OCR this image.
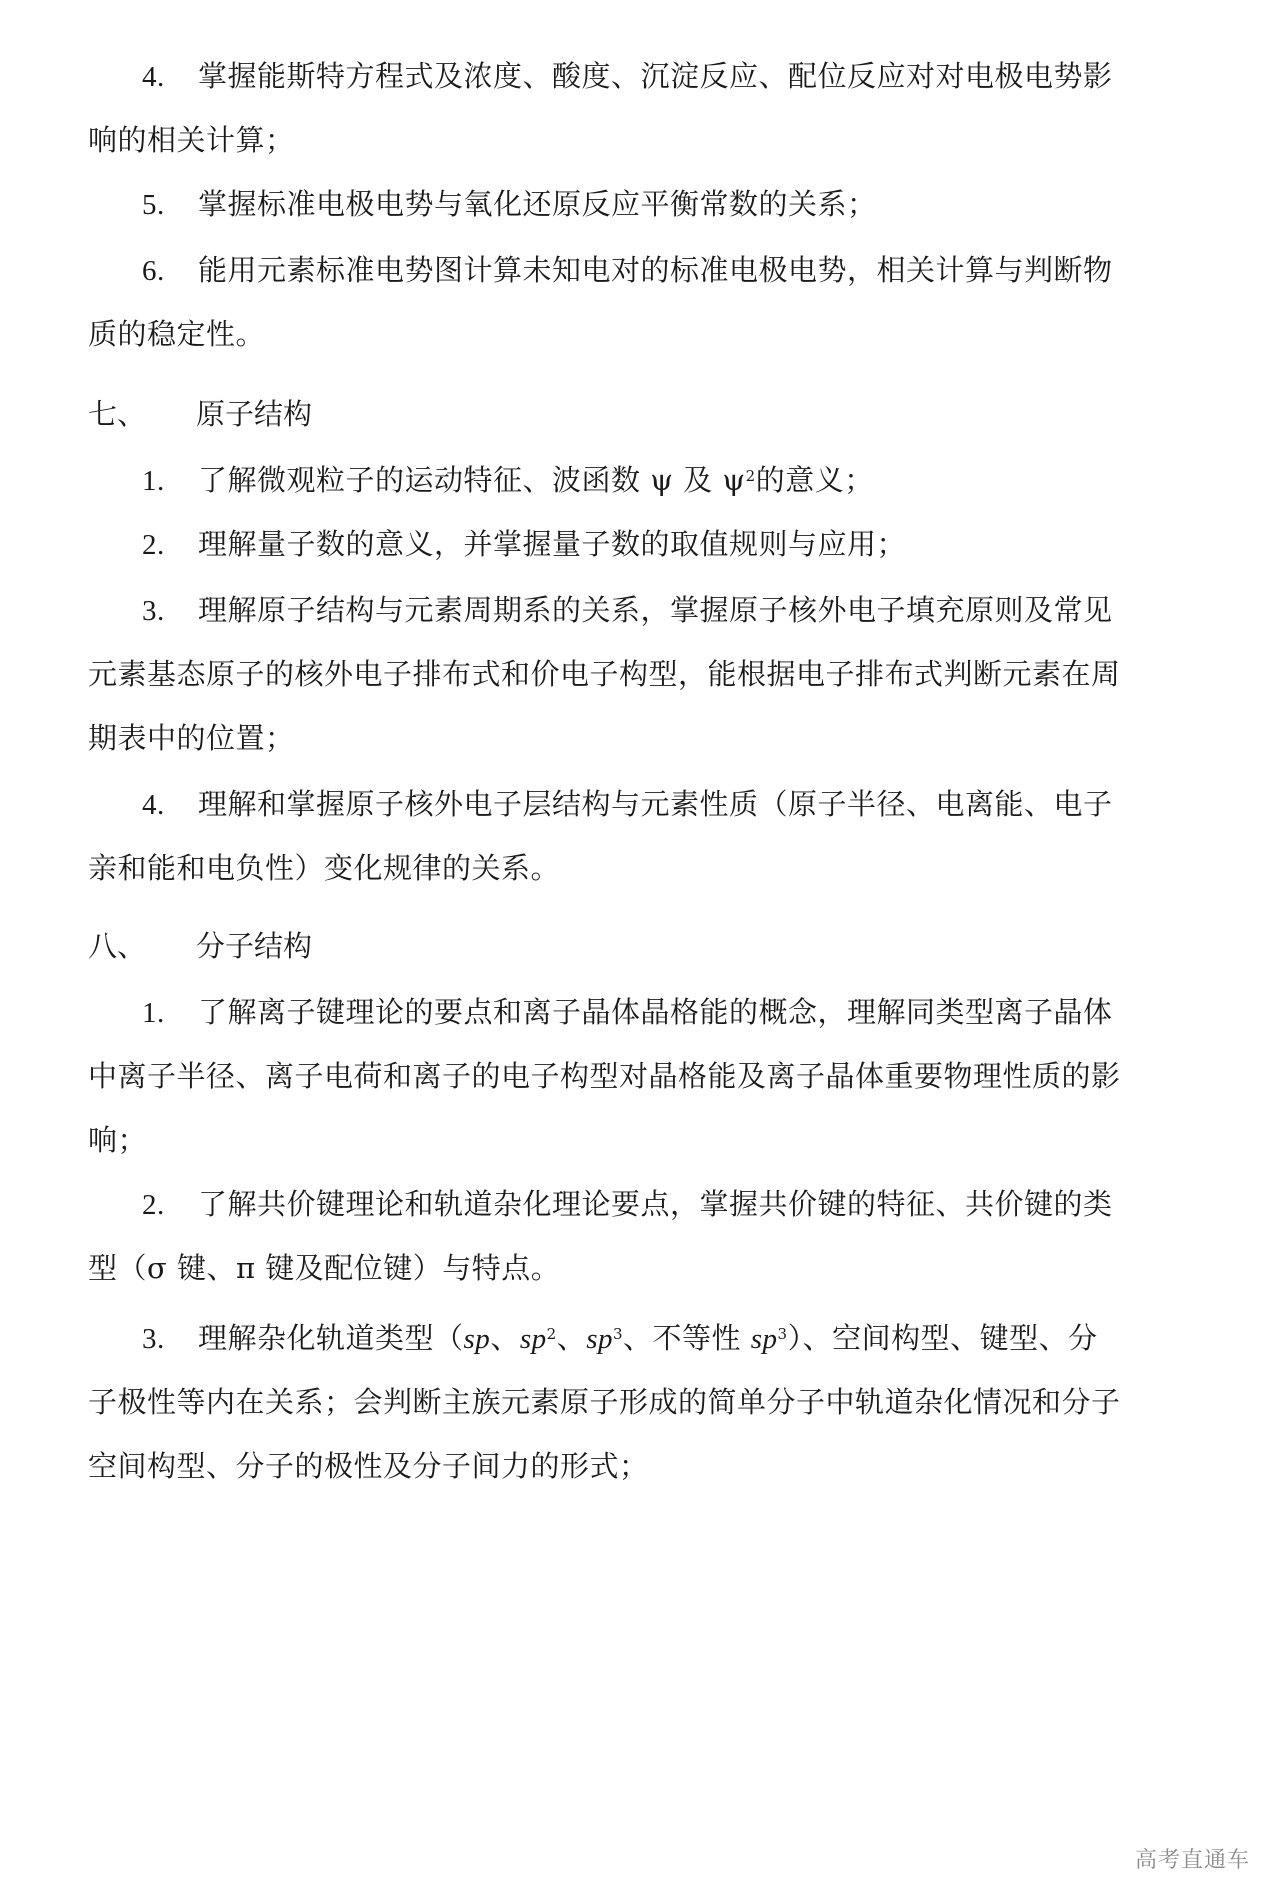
4. 掌握能斯特方程式及浓度、酸度、沉淀反应、配位反应对对电极电势影
响的相关计算；
5. 掌握标准电极电势与氧化还原反应平衡常数的关系；
6. 能用元素标准电势图计算未知电对的标准电极电势，相关计算与判断物
质的稳定性。
七、 原子结构
1. 了解微观粒子的运动特征、波函数 ψ 及 $\psi^2$的意义；
2. 理解量子数的意义，并掌握量子数的取值规则与应用；
3. 理解原子结构与元素周期系的关系，掌握原子核外电子填充原则及常见
元素基态原子的核外电子排布式和价电子构型，能根据电子排布式判断元素在周
期表中的位置；
4. 理解和掌握原子核外电子层结构与元素性质（原子半径、电离能、电子
亲和能和电负性）变化规律的关系。
八、 分子结构
1. 了解离子键理论的要点和离子晶体晶格能的概念，理解同类型离子晶体
中离子半径、离子电荷和离子的电子构型对晶格能及离子晶体重要物理性质的影
响；
2. 了解共价键理论和轨道杂化理论要点，掌握共价键的特征、共价键的类
型（σ 键、π 键及配位键）与特点。
3. 理解杂化轨道类型（sp、$sp^2$、$sp^3$、不等性 $sp^3$）、空间构型、键型、分
子极性等内在关系；会判断主族元素原子形成的简单分子中轨道杂化情况和分子
空间构型、分子的极性及分子间力的形式；
高考直通车
